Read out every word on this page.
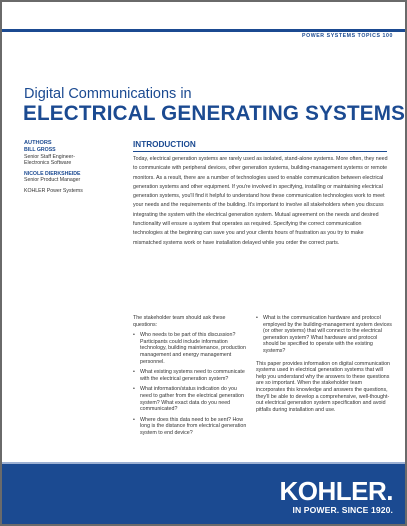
POWER SYSTEMS TOPICS 100
Digital Communications in
ELECTRICAL GENERATING SYSTEMS
AUTHORS
BILL GROSS
Senior Staff Engineer-
Electronics Software
NICOLE DIERKSHEIDE
Senior Product Manager
KOHLER Power Systems
INTRODUCTION
Today, electrical generation systems are rarely used as isolated, stand-alone systems. More often, they need to communicate with peripheral devices, other generation systems, building-management systems or remote monitors. As a result, there are a number of technologies used to enable communication between electrical generation systems and other equipment. If you're involved in specifying, installing or maintaining electrical generation systems, you'll find it helpful to understand how these communication technologies work to meet your needs and the requirements of the building. It's important to involve all stakeholders when you discuss integrating the system with the electrical generation system. Mutual agreement on the needs and desired functionality will ensure a system that operates as required. Specifying the correct communication technologies at the beginning can save you and your clients hours of frustration as you try to make mismatched systems work or have installation delayed while you order the correct parts.

The stakeholder team should ask these questions:

• Who needs to be part of this discussion? Participants could include information technology, building maintenance, production management and energy management personnel.
• What existing systems need to communicate with the electrical generation system?
• What information/status indication do you need to gather from the electrical generation system? What exact data do you need communicated?
• Where does this data need to be sent? How long is the distance from electrical generation system to end device?
• What is the communication hardware and protocol employed by the building-management system devices (or other systems) that will connect to the electrical generation system? What hardware and protocol should be specified to operate with the existing systems?

This paper provides information on digital communication systems used in electrical generation systems that will help you understand why the answers to these questions are so important. When the stakeholder team incorporates this knowledge and answers the questions, they'll be able to develop a comprehensive, well-thought-out electrical generation system specification and avoid pitfalls during installation and use.

KOHLER.
IN POWER. SINCE 1920.
